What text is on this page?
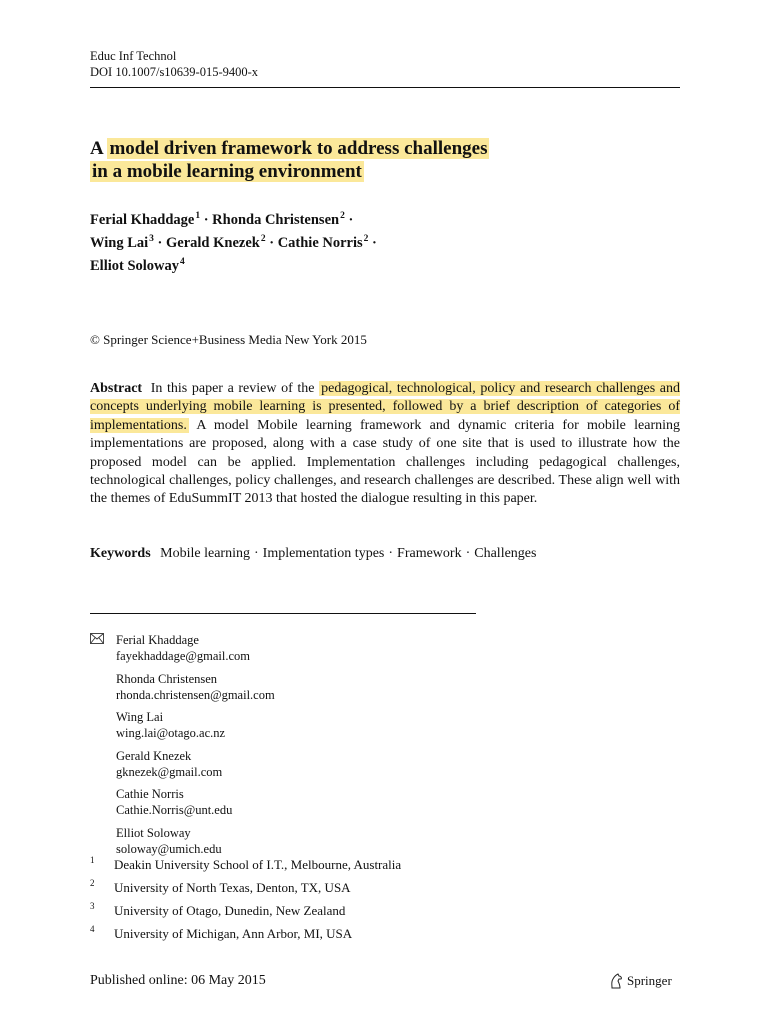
Educ Inf Technol
DOI 10.1007/s10639-015-9400-x
A model driven framework to address challenges
in a mobile learning environment
Ferial Khaddage$^1$ · Rhonda Christensen$^2$ ·
Wing Lai$^3$ · Gerald Knezek$^2$ · Cathie Norris$^2$ ·
Elliot Soloway$^4$
© Springer Science+Business Media New York 2015
Abstract In this paper a review of the pedagogical, technological, policy and research challenges and concepts underlying mobile learning is presented, followed by a brief description of categories of implementations. A model Mobile learning framework and dynamic criteria for mobile learning implementations are proposed, along with a case study of one site that is used to illustrate how the proposed model can be applied. Implementation challenges including pedagogical challenges, technological challenges, policy challenges, and research challenges are described. These align well with the themes of EduSummIT 2013 that hosted the dialogue resulting in this paper.
Keywords Mobile learning · Implementation types · Framework · Challenges
Ferial Khaddage
fayekhaddage@gmail.com
Rhonda Christensen
rhonda.christensen@gmail.com
Wing Lai
wing.lai@otago.ac.nz
Gerald Knezek
gknezek@gmail.com
Cathie Norris
Cathie.Norris@unt.edu
Elliot Soloway
soloway@umich.edu
1 Deakin University School of I.T., Melbourne, Australia
2 University of North Texas, Denton, TX, USA
3 University of Otago, Dunedin, New Zealand
4 University of Michigan, Ann Arbor, MI, USA
Published online: 06 May 2015	Springer
